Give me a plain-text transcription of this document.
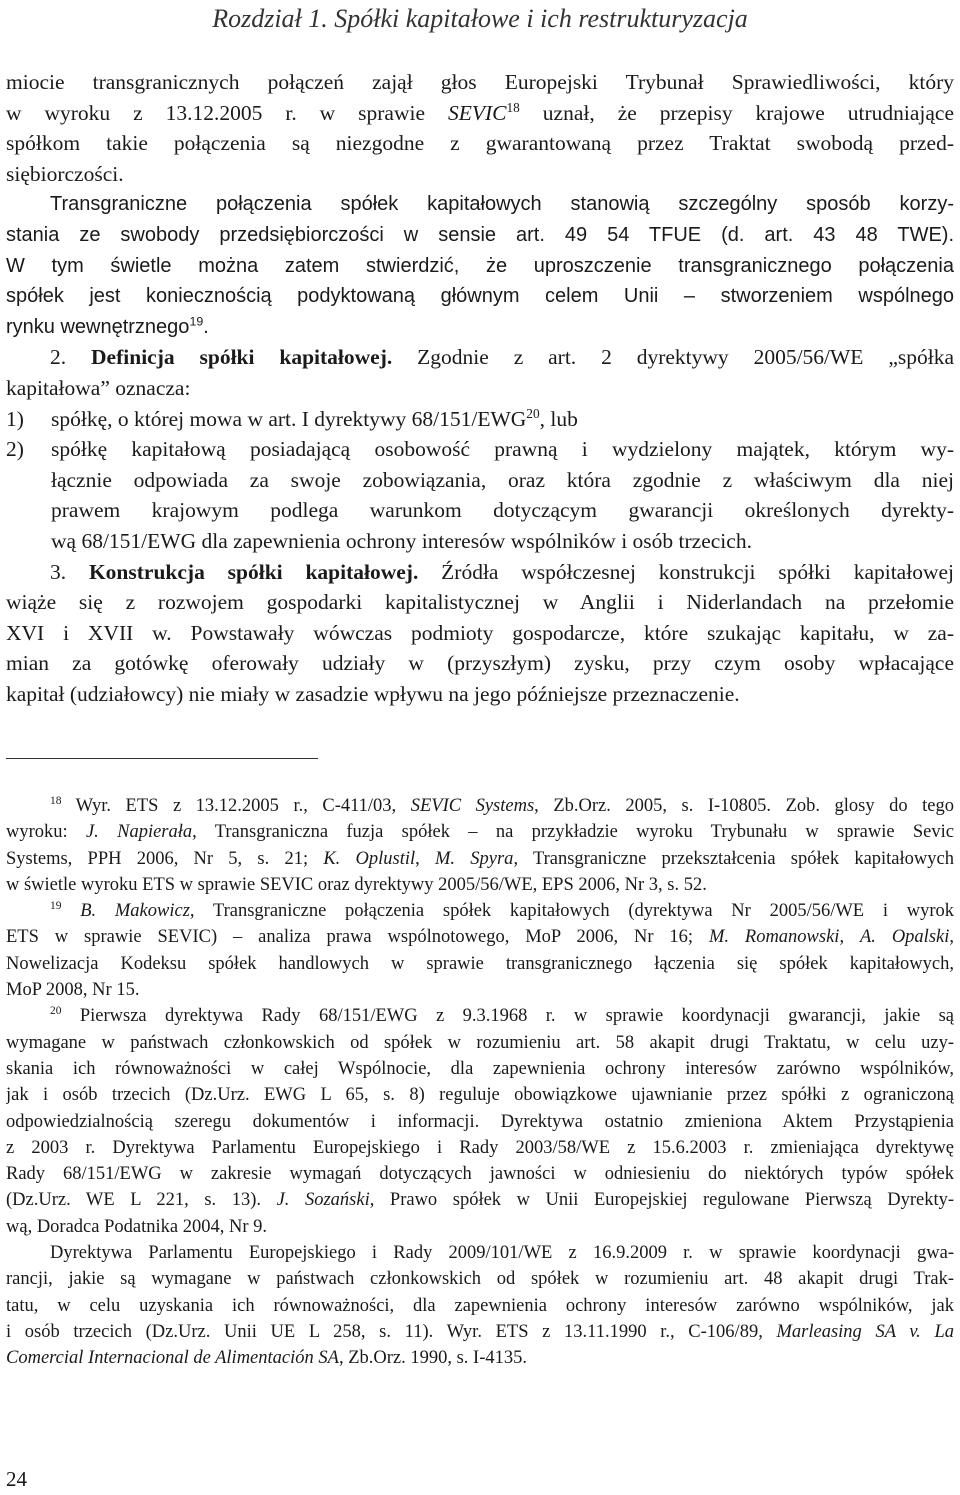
Rozdział 1. Spółki kapitałowe i ich restrukturyzacja
miocie transgranicznych połączeń zajął głos Europejski Trybunał Sprawiedliwości, który
w wyroku z 13.12.2005 r. w sprawie SEVIC$^{18}$ uznał, że przepisy krajowe utrudniające
spółkom takie połączenia są niezgodne z gwarantowaną przez Traktat swobodą przed-
siębiorczości.
Transgraniczne połączenia spółek kapitałowych stanowią szczególny sposób korzy-
stania ze swobody przedsiębiorczości w sensie art. 49 54 TFUE (d. art. 43 48 TWE).
W tym świetle można zatem stwierdzić, że uproszczenie transgranicznego połączenia
spółek jest koniecznością podyktowaną głównym celem Unii – stworzeniem wspólnego
rynku wewnętrznego$^{19}$.
2. Definicja spółki kapitałowej. Zgodnie z art. 2 dyrektywy 2005/56/WE „spółka
kapitałowa” oznacza:
1) spółkę, o której mowa w art. I dyrektywy 68/151/EWG$^{20}$, lub
2) spółkę kapitałową posiadającą osobowość prawną i wydzielony majątek, którym wy-
łącznie odpowiada za swoje zobowiązania, oraz która zgodnie z właściwym dla niej
prawem krajowym podlega warunkom dotyczącym gwarancji określonych dyrekty-
wą 68/151/EWG dla zapewnienia ochrony interesów wspólników i osób trzecich.
3. Konstrukcja spółki kapitałowej. Źródła współczesnej konstrukcji spółki kapitałowej
wiąże się z rozwojem gospodarki kapitalistycznej w Anglii i Niderlandach na przełomie
XVI i XVII w. Powstawały wówczas podmioty gospodarcze, które szukając kapitału, w za-
mian za gotówkę oferowały udziały w (przyszłym) zysku, przy czym osoby wpłacające
kapitał (udziałowcy) nie miały w zasadzie wpływu na jego późniejsze przeznaczenie.
$^{18}$ Wyr. ETS z 13.12.2005 r., C-411/03, SEVIC Systems, Zb.Orz. 2005, s. I-10805. Zob. glosy do tego
wyroku: J. Napierała, Transgraniczna fuzja spółek – na przykładzie wyroku Trybunału w sprawie Sevic
Systems, PPH 2006, Nr 5, s. 21; K. Oplustil, M. Spyra, Transgraniczne przekształcenia spółek kapitałowych
w świetle wyroku ETS w sprawie SEVIC oraz dyrektywy 2005/56/WE, EPS 2006, Nr 3, s. 52.
$^{19}$ B. Makowicz, Transgraniczne połączenia spółek kapitałowych (dyrektywa Nr 2005/56/WE i wyrok
ETS w sprawie SEVIC) – analiza prawa wspólnotowego, MoP 2006, Nr 16; M. Romanowski, A. Opalski,
Nowelizacja Kodeksu spółek handlowych w sprawie transgranicznego łączenia się spółek kapitałowych,
MoP 2008, Nr 15.
$^{20}$ Pierwsza dyrektywa Rady 68/151/EWG z 9.3.1968 r. w sprawie koordynacji gwarancji, jakie są
wymagane w państwach członkowskich od spółek w rozumieniu art. 58 akapit drugi Traktatu, w celu uzy-
skania ich równoważności w całej Wspólnocie, dla zapewnienia ochrony interesów zarówno wspólników,
jak i osób trzecich (Dz.Urz. EWG L 65, s. 8) reguluje obowiązkowe ujawnianie przez spółki z ograniczoną
odpowiedzialnością szeregu dokumentów i informacji. Dyrektywa ostatnio zmieniona Aktem Przystąpienia
z 2003 r. Dyrektywa Parlamentu Europejskiego i Rady 2003/58/WE z 15.6.2003 r. zmieniająca dyrektywę
Rady 68/151/EWG w zakresie wymagań dotyczących jawności w odniesieniu do niektórych typów spółek
(Dz.Urz. WE L 221, s. 13). J. Sozański, Prawo spółek w Unii Europejskiej regulowane Pierwszą Dyrekty-
wą, Doradca Podatnika 2004, Nr 9.
Dyrektywa Parlamentu Europejskiego i Rady 2009/101/WE z 16.9.2009 r. w sprawie koordynacji gwa-
rancji, jakie są wymagane w państwach członkowskich od spółek w rozumieniu art. 48 akapit drugi Trak-
tatu, w celu uzyskania ich równoważności, dla zapewnienia ochrony interesów zarówno wspólników, jak
i osób trzecich (Dz.Urz. Unii UE L 258, s. 11). Wyr. ETS z 13.11.1990 r., C-106/89, Marleasing SA v. La
Comercial Internacional de Alimentación SA, Zb.Orz. 1990, s. I-4135.
24
